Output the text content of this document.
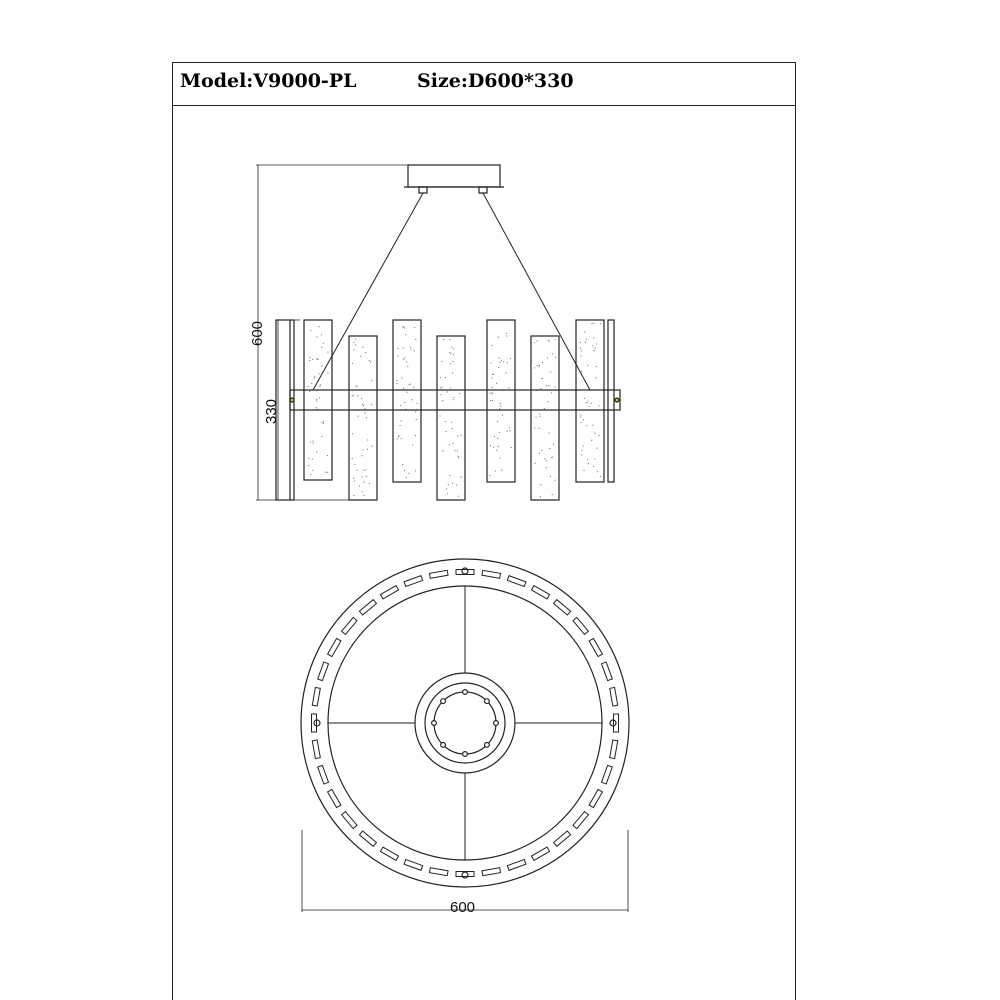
Model:V9000-PL	Size:D600*330
600
330
600
